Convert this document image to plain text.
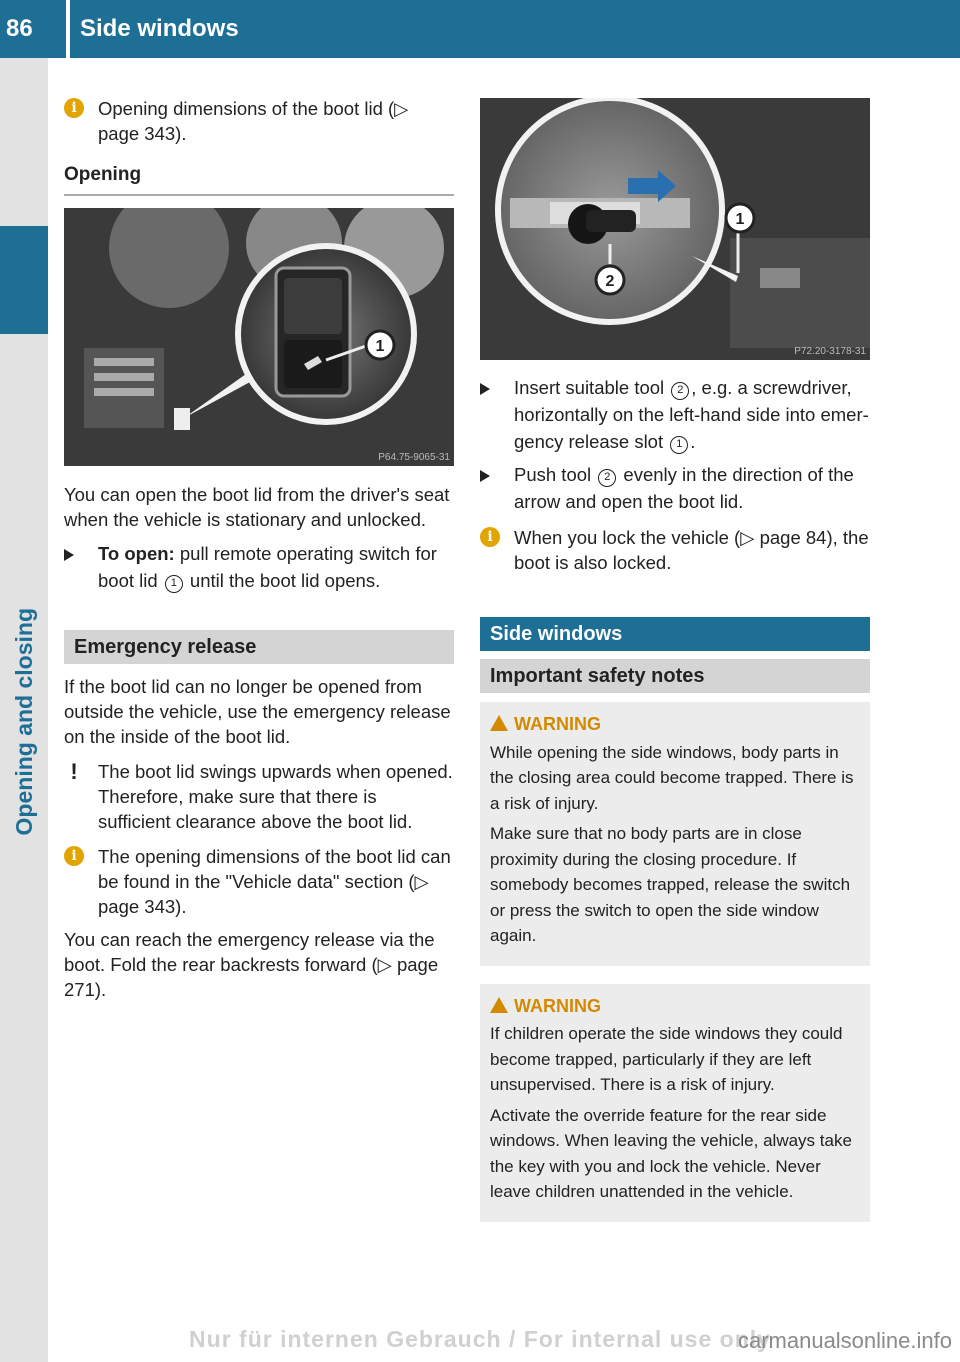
86	Side windows
Opening and closing
i	Opening dimensions of the boot lid (▷ page 343).
Opening
1
P64.75-9065-31

You can open the boot lid from the driver's seat when the vehicle is stationary and unlocked.

To open: pull remote operating switch for boot lid 1 until the boot lid opens.
Emergency release

If the boot lid can no longer be opened from outside the vehicle, use the emergency release on the inside of the boot lid.

!	The boot lid swings upwards when opened. Therefore, make sure that there is sufficient clearance above the boot lid.
i	The opening dimensions of the boot lid can be found in the "Vehicle data" section (▷ page 343).

You can reach the emergency release via the boot. Fold the rear backrests forward (▷ page 271).

2
1
P72.20-3178-31
Insert suitable tool 2 , e.g. a screwdriver, horizontally on the left-hand side into emergency release slot 1 .
Push tool 2 evenly in the direction of the arrow and open the boot lid.
i	When you lock the vehicle (▷ page 84), the boot is also locked.
Side windows
Important safety notes
WARNING

While opening the side windows, body parts in the closing area could become trapped. There is a risk of injury.

Make sure that no body parts are in close proximity during the closing procedure. If somebody becomes trapped, release the switch or press the switch to open the side window again.

WARNING

If children operate the side windows they could become trapped, particularly if they are left unsupervised. There is a risk of injury.

Activate the override feature for the rear side windows. When leaving the vehicle, always take the key with you and lock the vehicle. Never leave children unattended in the vehicle.

Nur für internen Gebrauch / For internal use only
carmanualsonline.info
